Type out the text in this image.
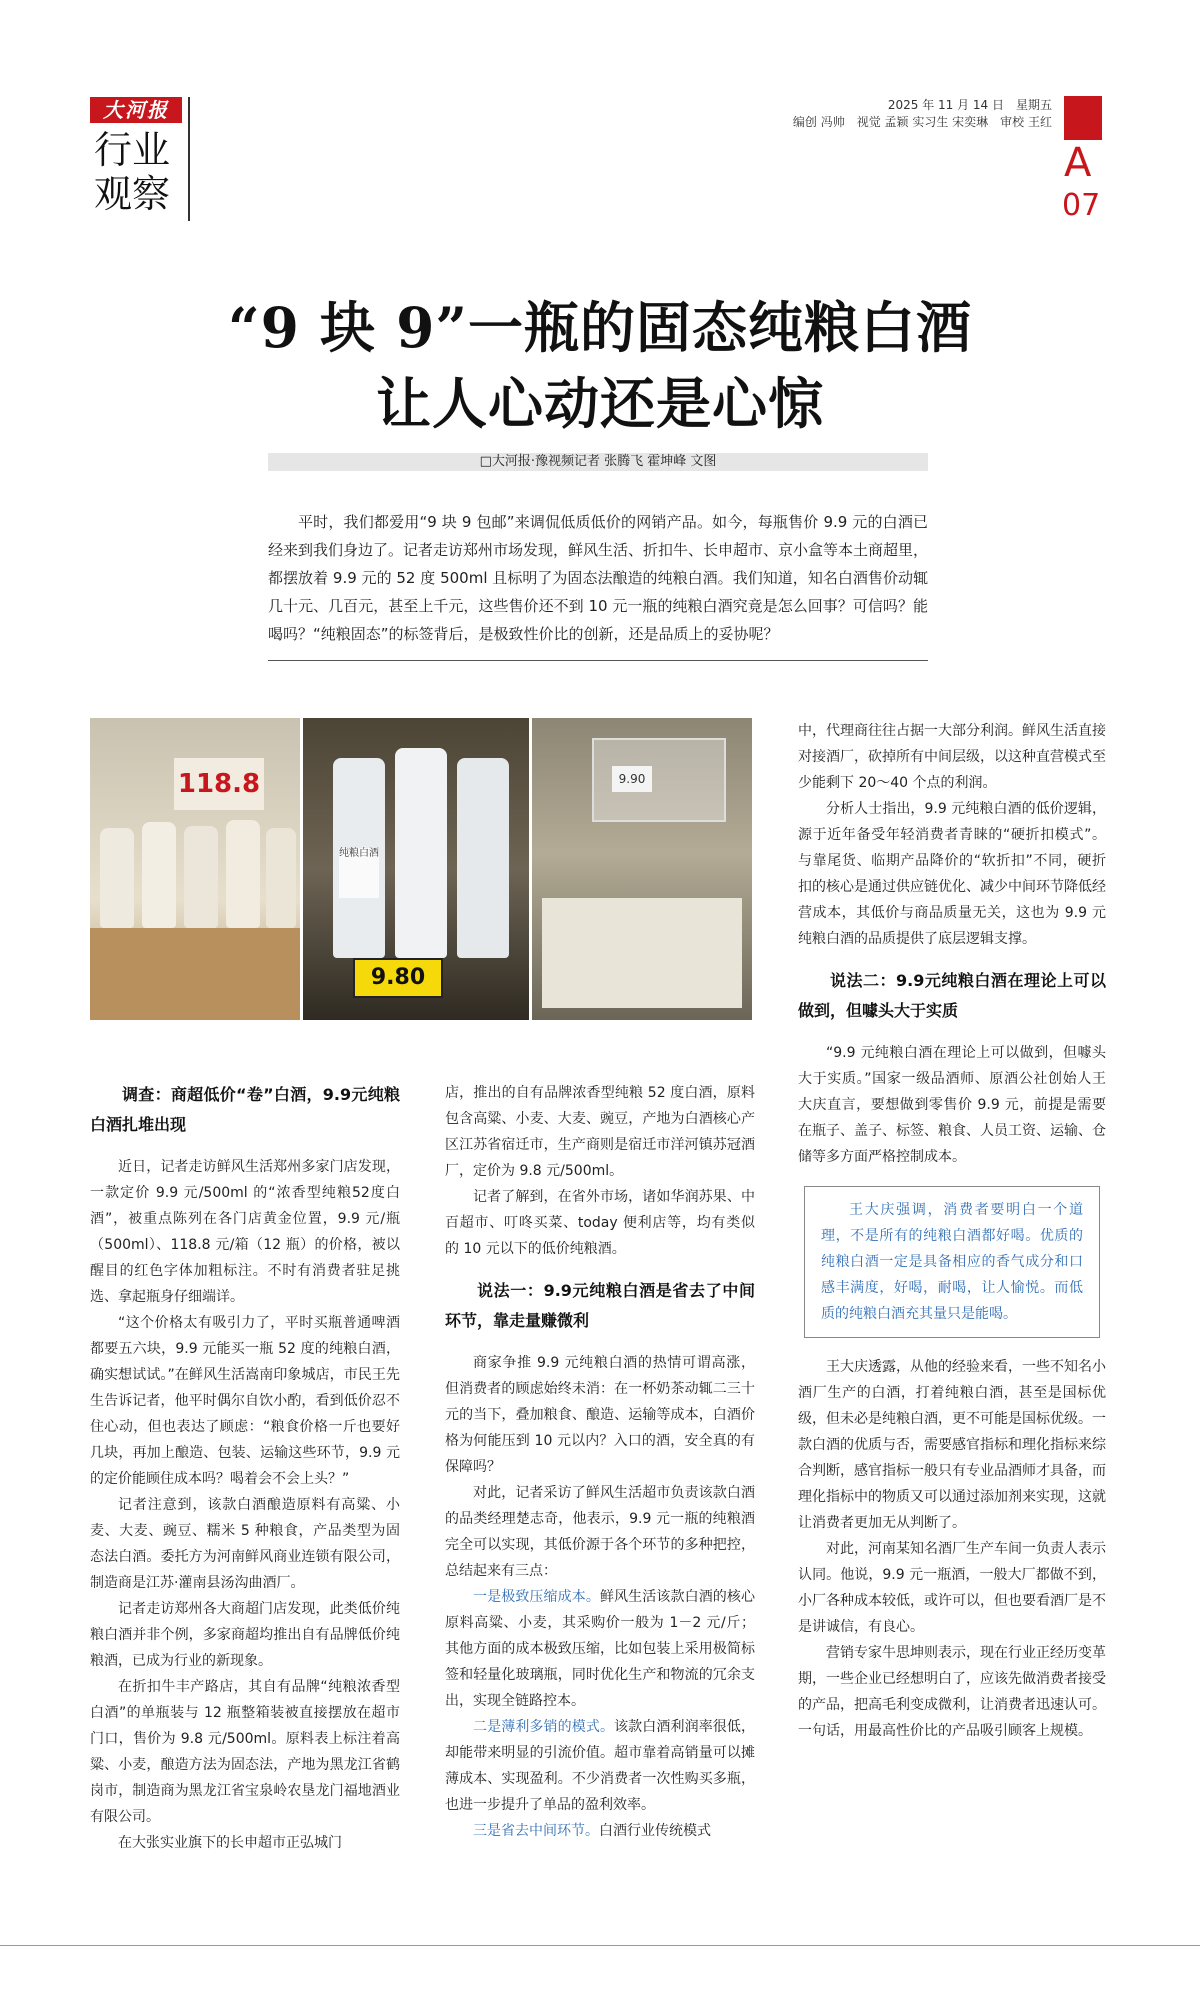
大河报
行业
观察
2025 年 11 月 14 日　星期五
编创 冯帅　视觉 孟颖 实习生 宋奕琳　审校 王红
A
07
“9 块 9”一瓶的固态纯粮白酒
让人心动还是心惊
□大河报·豫视频记者 张腾飞 霍坤峰 文图
平时，我们都爱用“9 块 9 包邮”来调侃低质低价的网销产品。如今，每瓶售价 9.9 元的白酒已经来到我们身边了。记者走访郑州市场发现，鲜风生活、折扣牛、长申超市、京小盒等本土商超里，都摆放着 9.9 元的 52 度 500ml 且标明了为固态法酿造的纯粮白酒。我们知道，知名白酒售价动辄几十元、几百元，甚至上千元，这些售价还不到 10 元一瓶的纯粮白酒究竟是怎么回事？可信吗？能喝吗？“纯粮固态”的标签背后，是极致性价比的创新，还是品质上的妥协呢？
118.8
纯粮白酒
9.80
9.90

调查：商超低价“卷”白酒，9.9元纯粮白酒扎堆出现

近日，记者走访鲜风生活郑州多家门店发现，一款定价 9.9 元/500ml 的“浓香型纯粮52度白酒”，被重点陈列在各门店黄金位置，9.9 元/瓶（500ml）、118.8 元/箱（12 瓶）的价格，被以醒目的红色字体加粗标注。不时有消费者驻足挑选、拿起瓶身仔细端详。

“这个价格太有吸引力了，平时买瓶普通啤酒都要五六块，9.9 元能买一瓶 52 度的纯粮白酒，确实想试试。”在鲜风生活嵩南印象城店，市民王先生告诉记者，他平时偶尔自饮小酌，看到低价忍不住心动，但也表达了顾虑：“粮食价格一斤也要好几块，再加上酿造、包装、运输这些环节，9.9 元的定价能顾住成本吗？喝着会不会上头？”

记者注意到，该款白酒酿造原料有高粱、小麦、大麦、豌豆、糯米 5 种粮食，产品类型为固态法白酒。委托方为河南鲜风商业连锁有限公司，制造商是江苏·灌南县汤沟曲酒厂。

记者走访郑州各大商超门店发现，此类低价纯粮白酒并非个例，多家商超均推出自有品牌低价纯粮酒，已成为行业的新现象。

在折扣牛丰产路店，其自有品牌“纯粮浓香型白酒”的单瓶装与 12 瓶整箱装被直接摆放在超市门口，售价为 9.8 元/500ml。原料表上标注着高粱、小麦，酿造方法为固态法，产地为黑龙江省鹤岗市，制造商为黑龙江省宝泉岭农垦龙门福地酒业有限公司。

在大张实业旗下的长申超市正弘城门

店，推出的自有品牌浓香型纯粮 52 度白酒，原料包含高粱、小麦、大麦、豌豆，产地为白酒核心产区江苏省宿迁市，生产商则是宿迁市洋河镇苏冠酒厂，定价为 9.8 元/500ml。

记者了解到，在省外市场，诸如华润苏果、中百超市、叮咚买菜、today 便利店等，均有类似的 10 元以下的低价纯粮酒。

说法一：9.9元纯粮白酒是省去了中间环节，靠走量赚微利

商家争推 9.9 元纯粮白酒的热情可谓高涨，但消费者的顾虑始终未消：在一杯奶茶动辄二三十元的当下，叠加粮食、酿造、运输等成本，白酒价格为何能压到 10 元以内？入口的酒，安全真的有保障吗？

对此，记者采访了鲜风生活超市负责该款白酒的品类经理楚志奇，他表示，9.9 元一瓶的纯粮酒完全可以实现，其低价源于各个环节的多种把控，总结起来有三点：

一是极致压缩成本。鲜风生活该款白酒的核心原料高粱、小麦，其采购价一般为 1－2 元/斤；其他方面的成本极致压缩，比如包装上采用极简标签和轻量化玻璃瓶，同时优化生产和物流的冗余支出，实现全链路控本。

二是薄利多销的模式。该款白酒利润率很低，却能带来明显的引流价值。超市靠着高销量可以摊薄成本、实现盈利。不少消费者一次性购买多瓶，也进一步提升了单品的盈利效率。

三是省去中间环节。白酒行业传统模式

中，代理商往往占据一大部分利润。鲜风生活直接对接酒厂，砍掉所有中间层级，以这种直营模式至少能剩下 20～40 个点的利润。

分析人士指出，9.9 元纯粮白酒的低价逻辑，源于近年备受年轻消费者青睐的“硬折扣模式”。与靠尾货、临期产品降价的“软折扣”不同，硬折扣的核心是通过供应链优化、减少中间环节降低经营成本，其低价与商品质量无关，这也为 9.9 元纯粮白酒的品质提供了底层逻辑支撑。

说法二：9.9元纯粮白酒在理论上可以做到，但噱头大于实质

“9.9 元纯粮白酒在理论上可以做到，但噱头大于实质。”国家一级品酒师、原酒公社创始人王大庆直言，要想做到零售价 9.9 元，前提是需要在瓶子、盖子、标签、粮食、人员工资、运输、仓储等多方面严格控制成本。

王大庆强调，消费者要明白一个道理，不是所有的纯粮白酒都好喝。优质的纯粮白酒一定是具备相应的香气成分和口感丰满度，好喝，耐喝，让人愉悦。而低质的纯粮白酒充其量只是能喝。

王大庆透露，从他的经验来看，一些不知名小酒厂生产的白酒，打着纯粮白酒，甚至是国标优级，但未必是纯粮白酒，更不可能是国标优级。一款白酒的优质与否，需要感官指标和理化指标来综合判断，感官指标一般只有专业品酒师才具备，而理化指标中的物质又可以通过添加剂来实现，这就让消费者更加无从判断了。

对此，河南某知名酒厂生产车间一负责人表示认同。他说，9.9 元一瓶酒，一般大厂都做不到，小厂各种成本较低，或许可以，但也要看酒厂是不是讲诚信，有良心。

营销专家牛思坤则表示，现在行业正经历变革期，一些企业已经想明白了，应该先做消费者接受的产品，把高毛利变成微利，让消费者迅速认可。一句话，用最高性价比的产品吸引顾客上规模。
